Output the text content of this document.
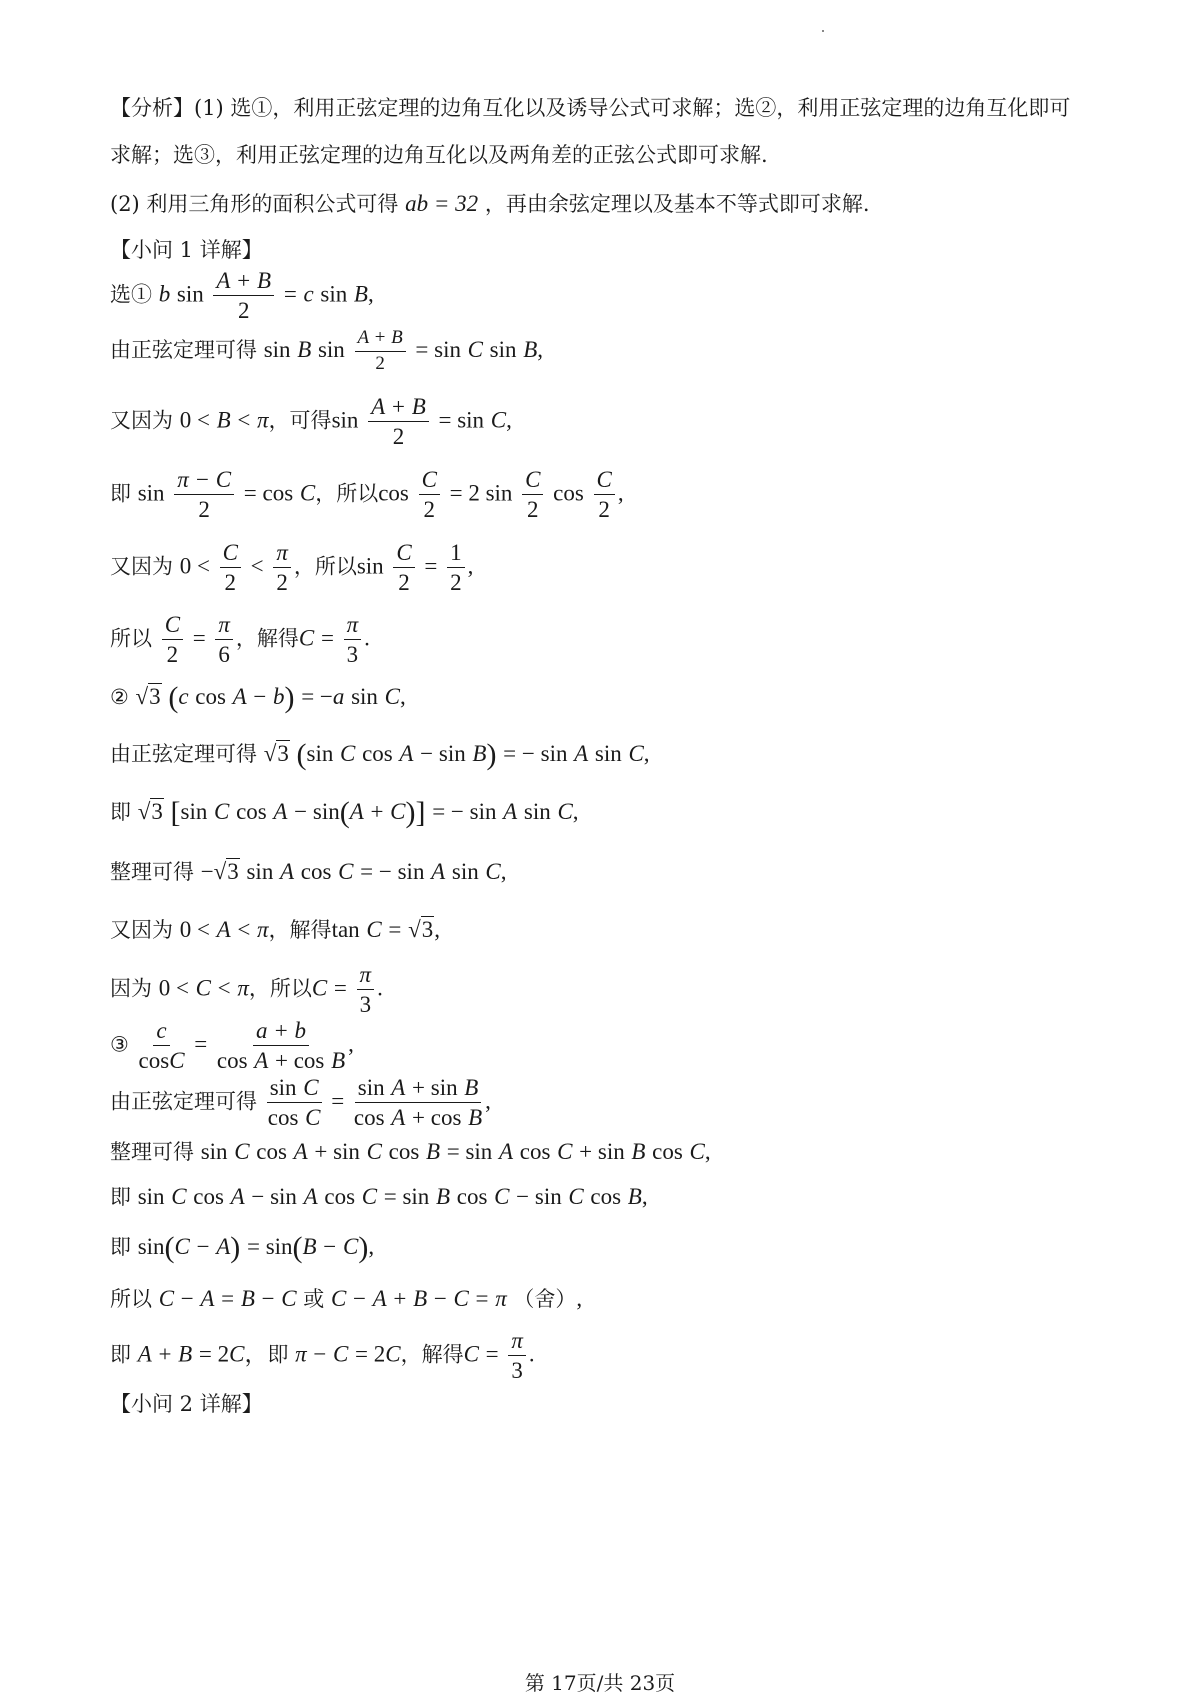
【分析】(1) 选①，利用正弦定理的边角互化以及诱导公式可求解；选②，利用正弦定理的边角互化即可
求解；选③，利用正弦定理的边角互化以及两角差的正弦公式即可求解.
(2) 利用三角形的面积公式可得 ab = 32 ，再由余弦定理以及基本不等式即可求解.
【小问 1 详解】
选① b $\sin \frac{A + B}{2} = c$ sin B,
由正弦定理可得 sin B $\sin \frac{A + B}{2} = \sin C$ sin B,
又因为 0 < B < π，可得$\sin \frac{A + B}{2} = \sin C$,
即 $\sin \frac{\pi - C}{2} = \cos C$，所以$\cos \frac{C}{2} = 2$ $\sin \frac{C}{2}$ $\cos \frac{C}{2}$ ,
又因为 $0 < \frac{C}{2} < \frac{\pi}{2}$ ，所以$\sin \frac{C}{2} = \frac{1}{2}$ ,
所以 $\frac{C}{2} = \frac{\pi}{6}$ ，解得$C = \frac{\pi}{3}$ .
② √3 (c cos A − b) = −a sin C,
由正弦定理可得 √3 (sin C cos A − sin B) = − sin A sin C,
即 √3 [sin C cos A − sin(A + C)] = − sin A sin C,
整理可得 −√3 sin A cos C = − sin A sin C,
又因为 0 < A < π，解得tan C = √3,
因为 0 < C < π，所以$C = \frac{\pi}{3}$ .
③ $\frac{c}{\cos C} = \frac{a + b}{\text{cos A + cos B}}$ ,
由正弦定理可得 $\frac{\text{sin C}}{\text{cos C}} = \frac{\text{sin A + sin B}}{\text{cos A + cos B}}$ ,
整理可得 sin C cos A + sin C cos B = sin A cos C + sin B cos C,
即 sin C cos A − sin A cos C = sin B cos C − sin C cos B,
即 sin(C − A) = sin(B − C),
所以 C − A = B − C 或 C − A + B − C = π （舍）,
即 A + B = 2C，即 π − C = 2C，解得$C = \frac{\pi}{3}$ .
【小问 2 详解】
第 17页/共 23页
